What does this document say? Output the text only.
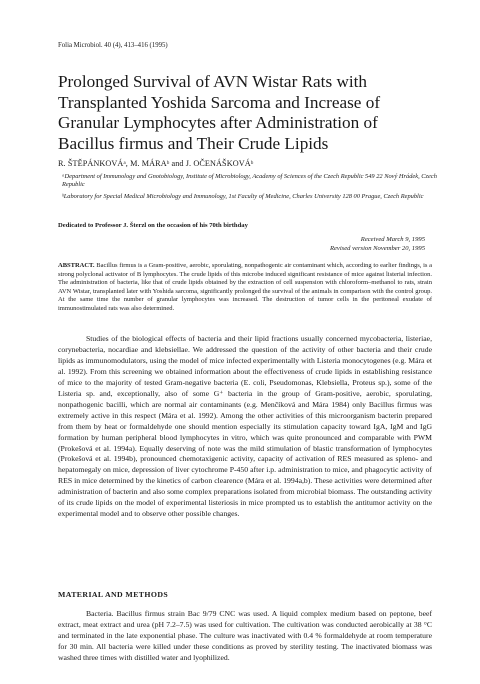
Folia Microbiol. 40 (4), 413–416 (1995)
Prolonged Survival of AVN Wistar Rats with Transplanted Yoshida Sarcoma and Increase of Granular Lymphocytes after Administration of Bacillus firmus and Their Crude Lipids
R. ŠTĚPÁNKOVÁᵃ, M. MÁRAᵇ and J. OČENÁŠKOVÁᵇ
ᵃDepartment of Immunology and Gnotobiology, Institute of Microbiology, Academy of Sciences of the Czech Republic 549 22 Nový Hrádek, Czech Republic
ᵇLaboratory for Special Medical Microbiology and Immunology, 1st Faculty of Medicine, Charles University 128 00 Prague, Czech Republic
Dedicated to Professor J. Šterzl on the occasion of his 70th birthday
Received March 9, 1995
Revised version November 20, 1995

ABSTRACT. Bacillus firmus is a Gram-positive, aerobic, sporulating, nonpathogenic air contaminant which, according to earlier findings, is a strong polyclonal activator of B lymphocytes. The crude lipids of this microbe induced significant resistance of mice against listerial infection. The administration of bacteria, like that of crude lipids obtained by the extraction of cell suspension with chloroform–methanol to rats, strain AVN Wistar, transplanted later with Yoshida sarcoma, significantly prolonged the survival of the animals in comparison with the control group. At the same time the number of granular lymphocytes was increased. The destruction of tumor cells in the peritoneal exudate of immunostimulated rats was also determined.

Studies of the biological effects of bacteria and their lipid fractions usually concerned mycobacteria, listeriae, corynebacteria, nocardiae and klebsiellae. We addressed the question of the activity of other bacteria and their crude lipids as immunomodulators, using the model of mice infected experimentally with Listeria monocytogenes (e.g. Mára et al. 1992). From this screening we obtained information about the effectiveness of crude lipids in establishing resistance of mice to the majority of tested Gram-negative bacteria (E. coli, Pseudomonas, Klebsiella, Proteus sp.), some of the Listeria sp. and, exceptionally, also of some G⁺ bacteria in the group of Gram-positive, aerobic, sporulating, nonpathogenic bacilli, which are normal air contaminants (e.g. Menčíková and Mára 1984) only Bacillus firmus was extremely active in this respect (Mára et al. 1992). Among the other activities of this microorganism bacterin prepared from them by heat or formaldehyde one should mention especially its stimulation capacity toward IgA, IgM and IgG formation by human peripheral blood lymphocytes in vitro, which was quite pronounced and comparable with PWM (Prokešová et al. 1994a). Equally deserving of note was the mild stimulation of blastic transformation of lymphocytes (Prokešová et al. 1994b), pronounced chemotaxigenic activity, capacity of activation of RES measured as spleno- and hepatomegaly on mice, depression of liver cytochrome P-450 after i.p. administration to mice, and phagocytic activity of RES in mice determined by the kinetics of carbon clearence (Mára et al. 1994a,b). These activities were determined after administration of bacterin and also some complex preparations isolated from microbial biomass. The outstanding activity of its crude lipids on the model of experimental listeriosis in mice prompted us to establish the antitumor activity on the experimental model and to observe other possible changes.

MATERIAL AND METHODS

Bacteria. Bacillus firmus strain Bac 9/79 CNC was used. A liquid complex medium based on peptone, beef extract, meat extract and urea (pH 7.2–7.5) was used for cultivation. The cultivation was conducted aerobically at 38 °C and terminated in the late exponential phase. The culture was inactivated with 0.4 % formaldehyde at room temperature for 30 min. All bacteria were killed under these conditions as proved by sterility testing. The inactivated biomass was washed three times with distilled water and lyophilized.
